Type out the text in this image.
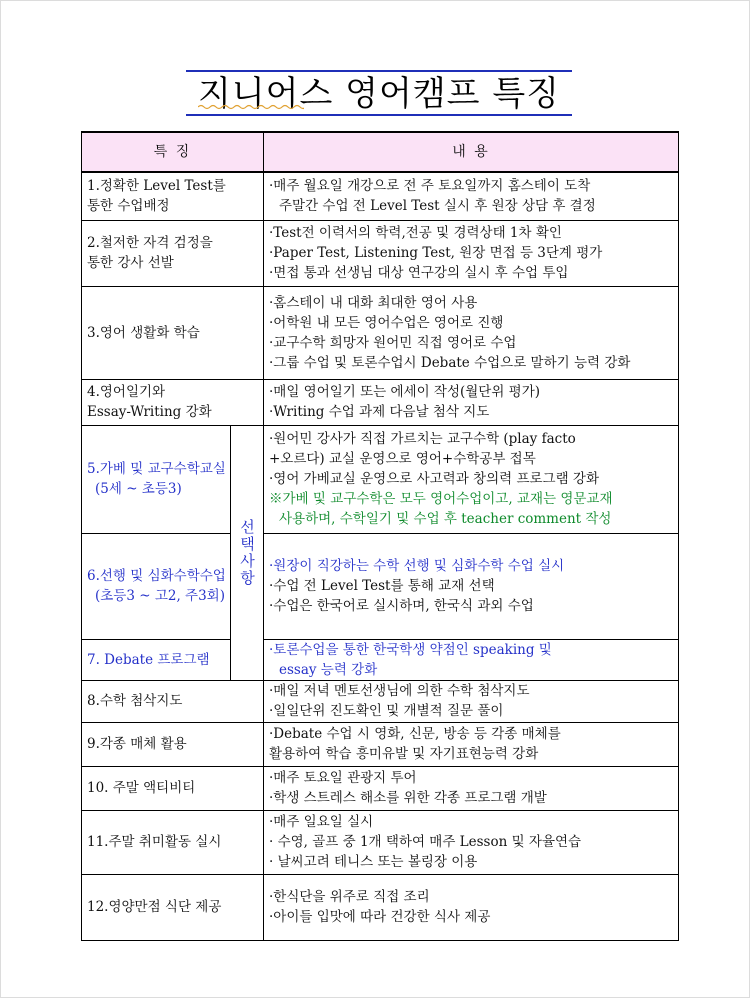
지니어스 영어캠프 특징
특 징		내 용

1.정확한 Level Test를
통한 수업배정		·매주 월요일 개강으로 전 주 토요일까지 홈스테이 도착
주말간 수업 전 Level Test 실시 후 원장 상담 후 결정

2.철저한 자격 검정을
통한 강사 선발		·Test전 이력서의 학력,전공 및 경력상태 1차 확인
·Paper Test, Listening Test, 원장 면접 등 3단계 평가
·면접 통과 선생님 대상 연구강의 실시 후 수업 투입

3.영어 생활화 학습		·홈스테이 내 대화 최대한 영어 사용
·어학원 내 모든 영어수업은 영어로 진행
·교구수학 희망자 원어민 직접 영어로 수업
·그룹 수업 및 토론수업시 Debate 수업으로 말하기 능력 강화

4.영어일기와
Essay-Writing 강화		·매일 영어일기 또는 에세이 작성(월단위 평가)
·Writing 수업 과제 다음날 첨삭 지도

5.가베 및 교구수학교실
(5세 ~ 초등3)	선택사항	·원어민 강사가 직접 가르치는 교구수학 (play facto
+오르다) 교실 운영으로 영어+수학공부 접목
·영어 가베교실 운영으로 사고력과 창의력 프로그램 강화
※가베 및 교구수학은 모두 영어수업이고, 교재는 영문교재
사용하며, 수학일기 및 수업 후 teacher comment 작성

6.선행 및 심화수학수업
(초등3 ~ 고2, 주3회)		·원장이 직강하는 수학 선행 및 심화수학 수업 실시
·수업 전 Level Test를 통해 교재 선택
·수업은 한국어로 실시하며, 한국식 과외 수업

7. Debate 프로그램		·토론수업을 통한 한국학생 약점인 speaking 및
essay 능력 강화

8.수학 첨삭지도		·매일 저녁 멘토선생님에 의한 수학 첨삭지도
·일일단위 진도확인 및 개별적 질문 풀이

9.각종 매체 활용		·Debate 수업 시 영화, 신문, 방송 등 각종 매체를
활용하여 학습 흥미유발 및 자기표현능력 강화

10. 주말 액티비티		·매주 토요일 관광지 투어
·학생 스트레스 해소를 위한 각종 프로그램 개발

11.주말 취미활동 실시		·매주 일요일 실시
· 수영, 골프 중 1개 택하여 매주 Lesson 및 자율연습
· 날씨고려 테니스 또는 볼링장 이용

12.영양만점 식단 제공		·한식단을 위주로 직접 조리
·아이들 입맛에 따라 건강한 식사 제공
